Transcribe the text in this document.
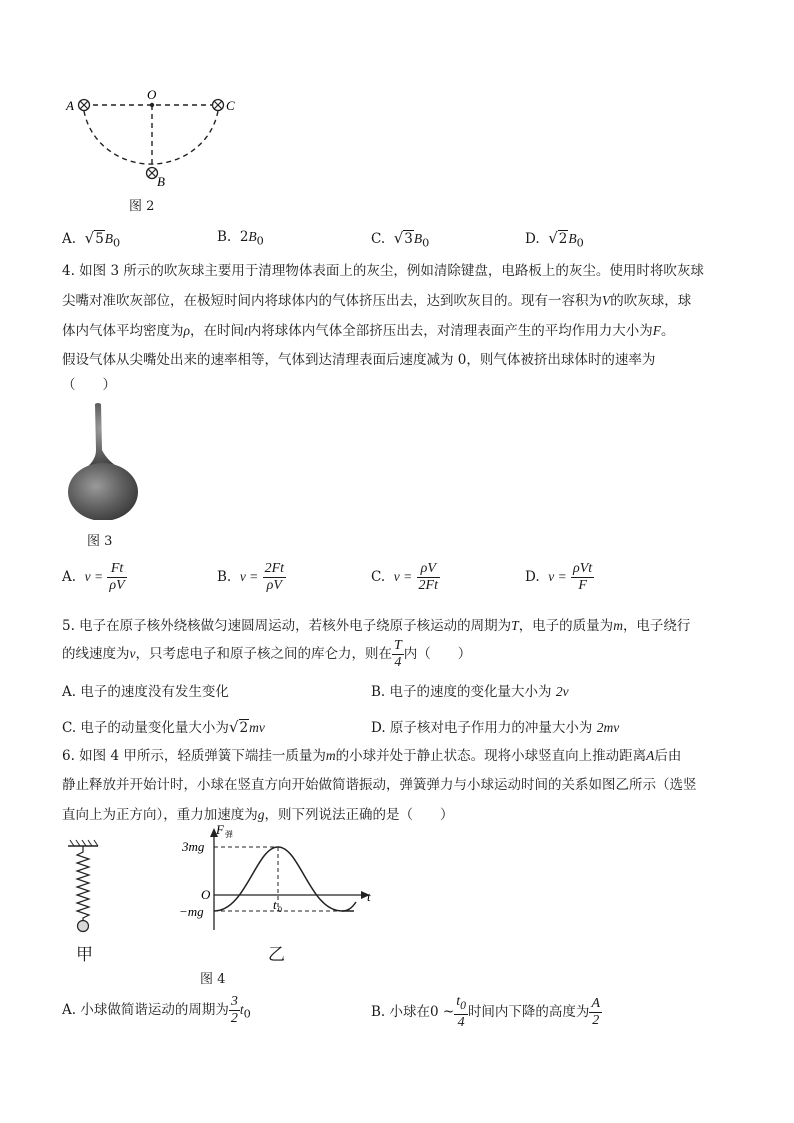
A
O
C
B
图 2
A. $√5B_0$	B. $2B_0$	C. $√3B_0$	D. $√2B_0$
4. 如图 3 所示的吹灰球主要用于清理物体表面上的灰尘，例如清除键盘，电路板上的灰尘。使用时将吹灰球
尖嘴对准吹灰部位，在极短时间内将球体内的气体挤压出去，达到吹灰目的。现有一容积为V的吹灰球，球
体内气体平均密度为ρ，在时间t内将球体内气体全部挤压出去，对清理表面产生的平均作用力大小为F。
假设气体从尖嘴处出来的速率相等，气体到达清理表面后速度减为 0，则气体被挤出球体时的速率为
（　　）
图 3
A. $v = \frac{Ft}{\rho V}$	B. $v = \frac{2Ft}{\rho V}$	C. $v = \frac{\rho V}{2Ft}$	D. $v = \frac{\text{ρVt}}{F}$
5. 电子在原子核外绕核做匀速圆周运动，若核外电子绕原子核运动的周期为T，电子的质量为m，电子绕行
的线速度为v，只考虑电子和原子核之间的库仑力，则在 $\frac{T}{4}$ 内（　　）
A. 电子的速度没有发生变化	B. 电子的速度的变化量大小为 2v
C. 电子的动量变化量大小为√2mv	D. 原子核对电子作用力的冲量大小为 2mv
6. 如图 4 甲所示，轻质弹簧下端挂一质量为m的小球并处于静止状态。现将小球竖直向上推动距离A后由
静止释放并开始计时，小球在竖直方向开始做简谐振动，弹簧弹力与小球运动时间的关系如图乙所示（选竖
直向上为正方向），重力加速度为g，则下列说法正确的是（　　）
甲
F 弹
t
O
3mg
−mg	t 0
乙
图 4
A. 小球做简谐运动的周期为 $\frac{3}{2} t_0$	B. 小球在0 ~ $\frac{t_0}{4}$ 时间内下降的高度为 $\frac{A}{2}$
